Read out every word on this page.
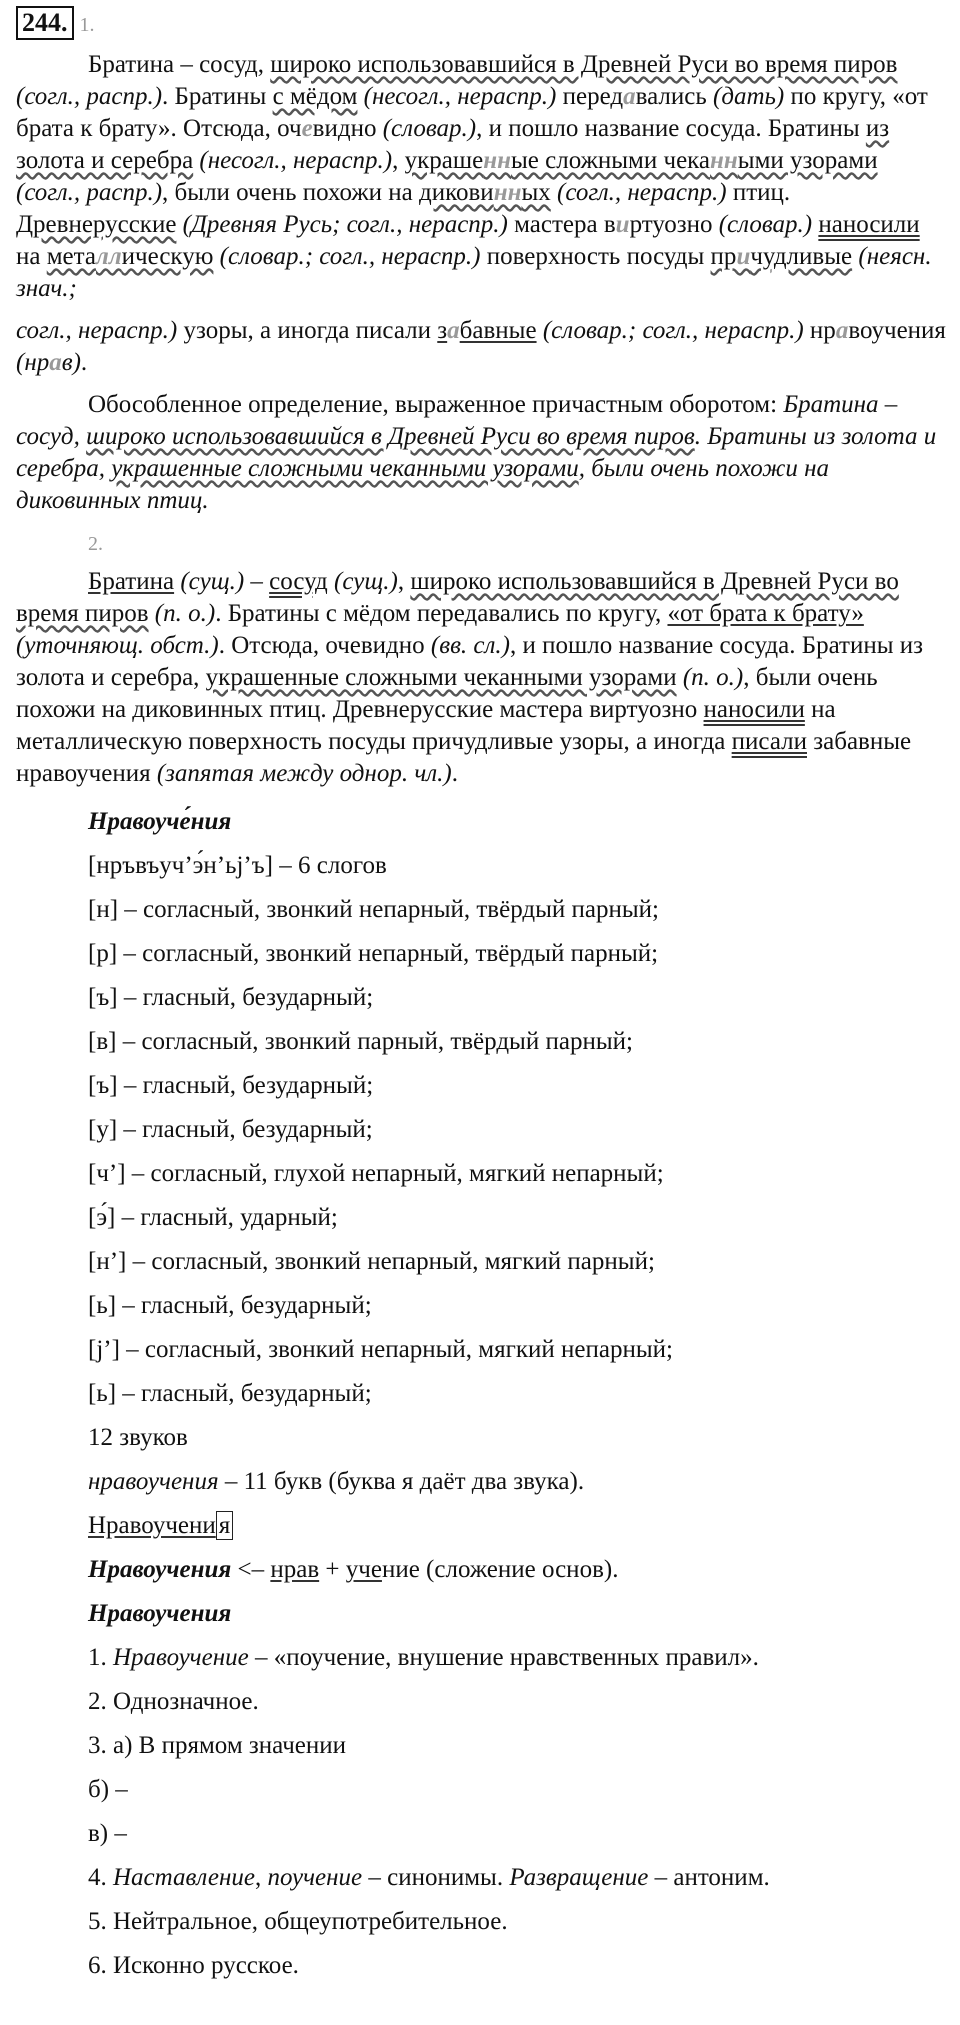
244. 1.

Братина – сосуд, широко использовавшийся в Древней Руси во время пиров (согл., распр.). Братины с мёдом (несогл., нераспр.) передавались (дать) по кругу, «от брата к брату». Отсюда, очевидно (словар.), и пошло название сосуда. Братины из золота и серебра (несогл., нераспр.), украшенные сложными чеканными узорами (согл., распр.), были очень похожи на диковинных (согл., нераспр.) птиц. Древнерусские (Древняя Русь; согл., нераспр.) мастера виртуозно (словар.) наносили на металлическую (словар.; согл., нераспр.) поверхность посуды причудливые (неясн. знач.;

согл., нераспр.) узоры, а иногда писали забавные (словар.; согл., нераспр.) нравоучения (нрав).

Обособленное определение, выраженное причастным оборотом: Братина – сосуд, широко использовавшийся в Древней Руси во время пиров. Братины из золота и серебра, украшенные сложными чеканными узорами, были очень похожи на диковинных птиц.

2.

Братина (сущ.) – сосуд (сущ.), широко использовавшийся в Древней Руси во время пиров (п. о.). Братины с мёдом передавались по кругу, «от брата к брату» (уточняющ. обст.). Отсюда, очевидно (вв. сл.), и пошло название сосуда. Братины из золота и серебра, украшенные сложными чеканными узорами (п. о.), были очень похожи на диковинных птиц. Древнерусские мастера виртуозно наносили на металлическую поверхность посуды причудливые узоры, а иногда писали забавные нравоучения (запятая между однор. чл.).

Нравоуче́ния
[нръвъуч’э́н’ьj’ъ] – 6 слогов
[н] – согласный, звонкий непарный, твёрдый парный;
[р] – согласный, звонкий непарный, твёрдый парный;
[ъ] – гласный, безударный;
[в] – согласный, звонкий парный, твёрдый парный;
[ъ] – гласный, безударный;
[у] – гласный, безударный;
[ч’] – согласный, глухой непарный, мягкий непарный;
[э́] – гласный, ударный;
[н’] – согласный, звонкий непарный, мягкий парный;
[ь] – гласный, безударный;
[j’] – согласный, звонкий непарный, мягкий непарный;
[ь] – гласный, безударный;
12 звуков
нравоучения – 11 букв (буква я даёт два звука).
Нравоучени я
Нравоучения <– нрав + учение (сложение основ).
Нравоучения
1. Нравоучение – «поучение, внушение нравственных правил».
2. Однозначное.
3. а) В прямом значении
б) –
в) –
4. Наставление, поучение – синонимы. Развращение – антоним.
5. Нейтральное, общеупотребительное.
6. Исконно русское.
